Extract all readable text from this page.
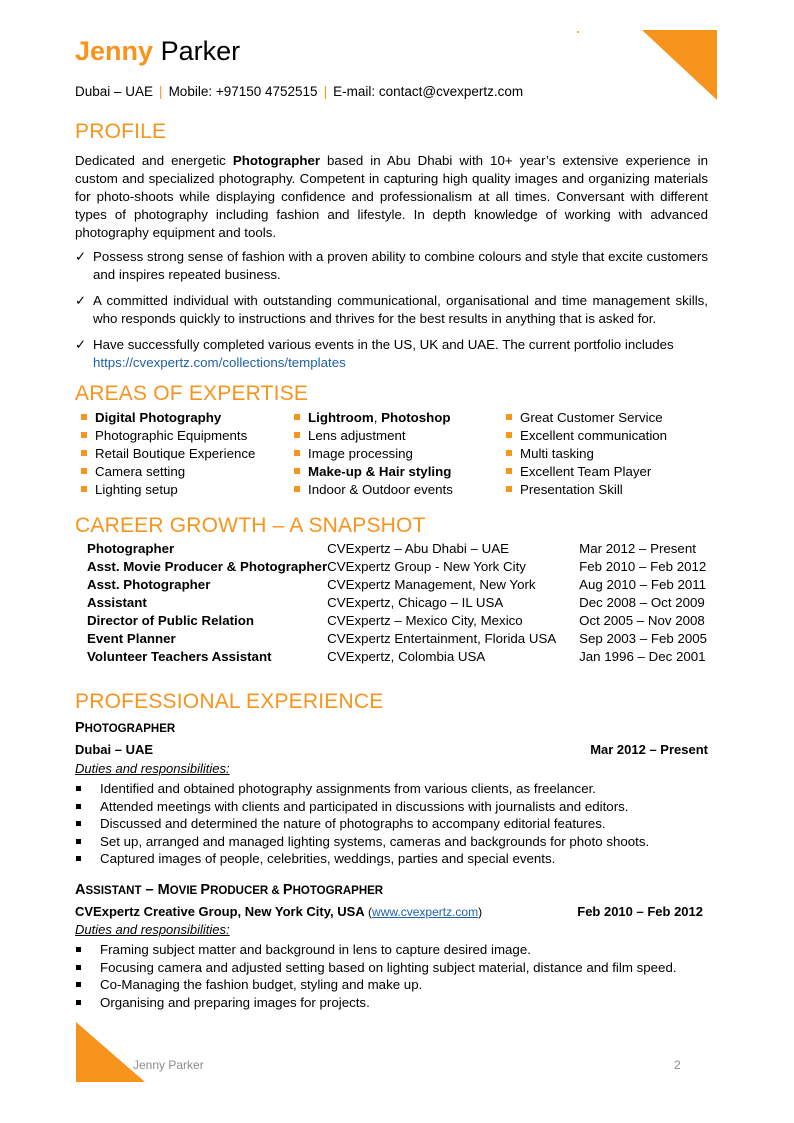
Jenny Parker
Dubai – UAE | Mobile: +97150 4752515 | E-mail: contact@cvexpertz.com
PROFILE
Dedicated and energetic Photographer based in Abu Dhabi with 10+ year’s extensive experience in custom and specialized photography. Competent in capturing high quality images and organizing materials for photo-shoots while displaying confidence and professionalism at all times. Conversant with different types of photography including fashion and lifestyle. In depth knowledge of working with advanced photography equipment and tools.
✓ Possess strong sense of fashion with a proven ability to combine colours and style that excite customers and inspires repeated business.
✓ A committed individual with outstanding communicational, organisational and time management skills, who responds quickly to instructions and thrives for the best results in anything that is asked for.
✓ Have successfully completed various events in the US, UK and UAE. The current portfolio includes
https://cvexpertz.com/collections/templates
AREAS OF EXPERTISE
Digital Photography
Photographic Equipments
Retail Boutique Experience
Camera setting
Lighting setup
Lightroom, Photoshop
Lens adjustment
Image processing
Make-up & Hair styling
Indoor & Outdoor events
Great Customer Service
Excellent communication
Multi tasking
Excellent Team Player
Presentation Skill
CAREER GROWTH – A SNAPSHOT
Photographer	CVExpertz – Abu Dhabi – UAE	Mar 2012 – Present
Asst. Movie Producer & Photographer	CVExpertz Group - New York City	Feb 2010 – Feb 2012
Asst. Photographer	CVExpertz Management, New York	Aug 2010 – Feb 2011
Assistant	CVExpertz, Chicago – IL USA	Dec 2008 – Oct 2009
Director of Public Relation	CVExpertz – Mexico City, Mexico	Oct 2005 – Nov 2008
Event Planner	CVExpertz Entertainment, Florida USA	Sep 2003 – Feb 2005
Volunteer Teachers Assistant	CVExpertz, Colombia USA	Jan 1996 – Dec 2001
PROFESSIONAL EXPERIENCE
PHOTOGRAPHER
Dubai – UAE	Mar 2012 – Present
Duties and responsibilities:
Identified and obtained photography assignments from various clients, as freelancer.
Attended meetings with clients and participated in discussions with journalists and editors.
Discussed and determined the nature of photographs to accompany editorial features.
Set up, arranged and managed lighting systems, cameras and backgrounds for photo shoots.
Captured images of people, celebrities, weddings, parties and special events.
ASSISTANT – MOVIE PRODUCER & PHOTOGRAPHER
CVExpertz Creative Group, New York City, USA (www.cvexpertz.com)	Feb 2010 – Feb 2012
Duties and responsibilities:
Framing subject matter and background in lens to capture desired image.
Focusing camera and adjusted setting based on lighting subject material, distance and film speed.
Co-Managing the fashion budget, styling and make up.
Organising and preparing images for projects.
Jenny Parker	2
